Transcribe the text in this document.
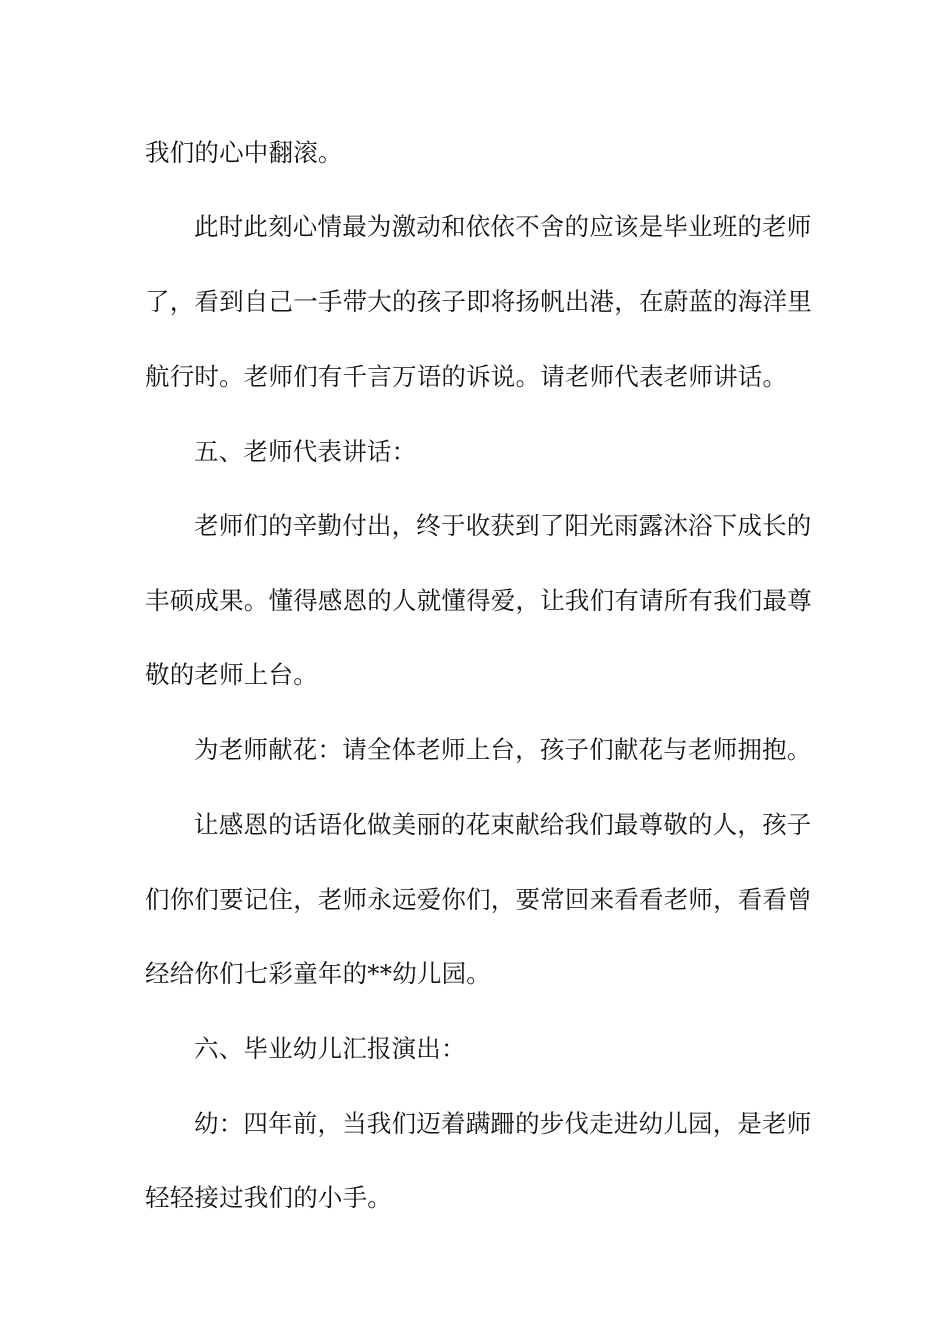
我们的心中翻滚。
此时此刻心情最为激动和依依不舍的应该是毕业班的老师
了，看到自己一手带大的孩子即将扬帆出港，在蔚蓝的海洋里
航行时。老师们有千言万语的诉说。请老师代表老师讲话。
五、老师代表讲话：
老师们的辛勤付出，终于收获到了阳光雨露沐浴下成长的
丰硕成果。懂得感恩的人就懂得爱，让我们有请所有我们最尊
敬的老师上台。
为老师献花：请全体老师上台，孩子们献花与老师拥抱。
让感恩的话语化做美丽的花束献给我们最尊敬的人，孩子
们你们要记住，老师永远爱你们，要常回来看看老师，看看曾
经给你们七彩童年的**幼儿园。
六、毕业幼儿汇报演出：
幼：四年前，当我们迈着蹒跚的步伐走进幼儿园，是老师
轻轻接过我们的小手。
